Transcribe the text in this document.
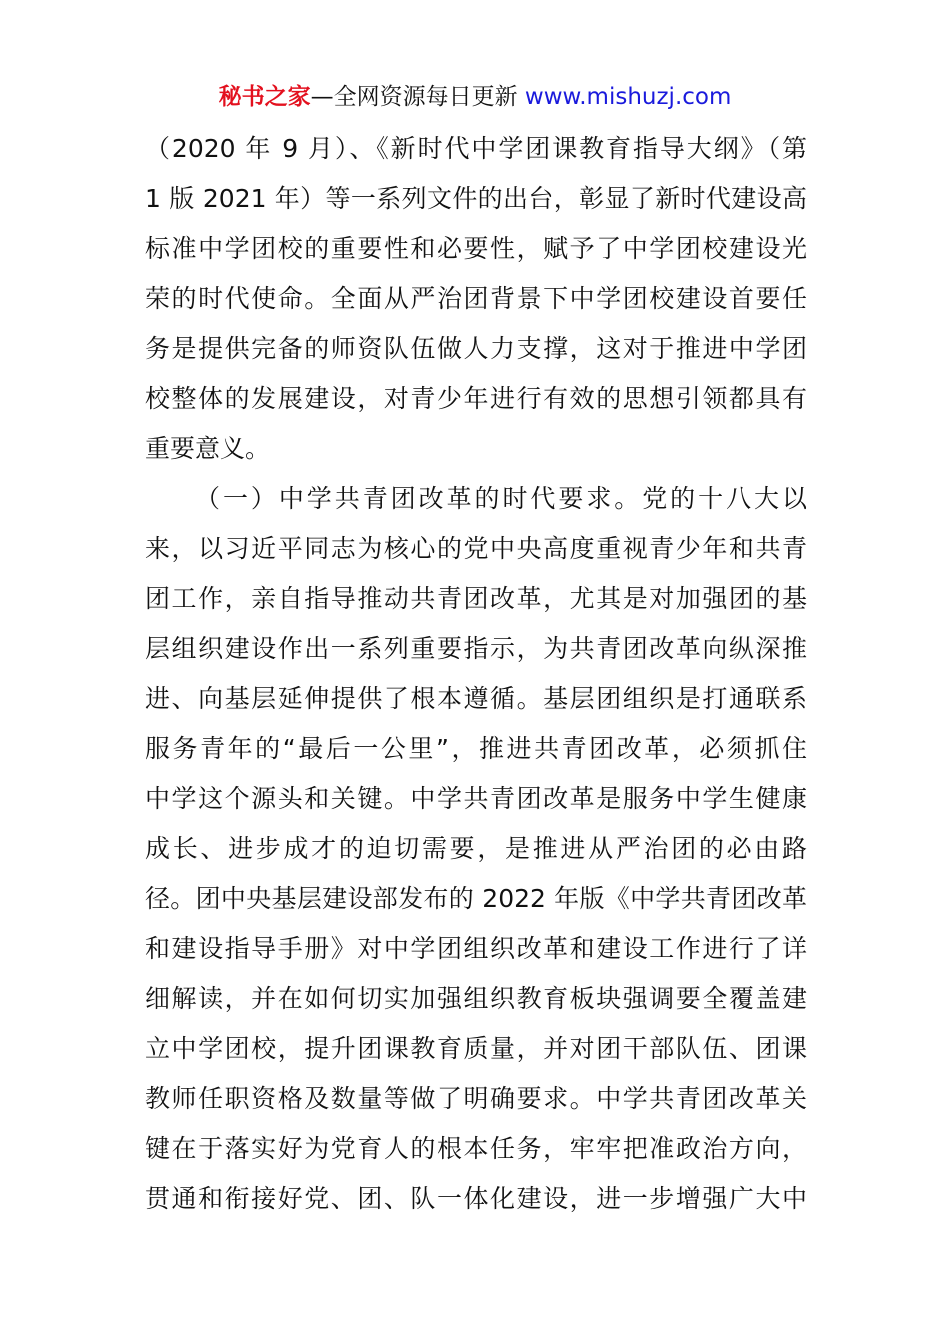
秘书之家—全网资源每日更新 www.mishuzj.com
（2020 年 9 月）、《新时代中学团课教育指导大纲》（第
1 版 2021 年）等一系列文件的出台，彰显了新时代建设高
标准中学团校的重要性和必要性，赋予了中学团校建设光
荣的时代使命。全面从严治团背景下中学团校建设首要任
务是提供完备的师资队伍做人力支撑，这对于推进中学团
校整体的发展建设，对青少年进行有效的思想引领都具有
重要意义。
（一）中学共青团改革的时代要求。党的十八大以
来，以习近平同志为核心的党中央高度重视青少年和共青
团工作，亲自指导推动共青团改革，尤其是对加强团的基
层组织建设作出一系列重要指示，为共青团改革向纵深推
进、向基层延伸提供了根本遵循。基层团组织是打通联系
服务青年的“最后一公里”，推进共青团改革，必须抓住
中学这个源头和关键。中学共青团改革是服务中学生健康
成长、进步成才的迫切需要，是推进从严治团的必由路
径。团中央基层建设部发布的 2022 年版《中学共青团改革
和建设指导手册》对中学团组织改革和建设工作进行了详
细解读，并在如何切实加强组织教育板块强调要全覆盖建
立中学团校，提升团课教育质量，并对团干部队伍、团课
教师任职资格及数量等做了明确要求。中学共青团改革关
键在于落实好为党育人的根本任务，牢牢把准政治方向，
贯通和衔接好党、团、队一体化建设，进一步增强广大中
